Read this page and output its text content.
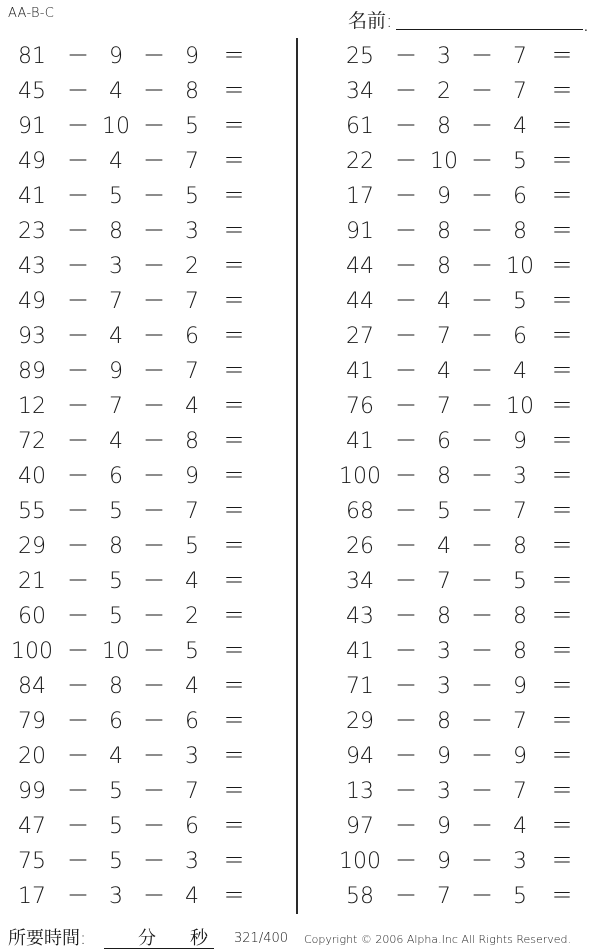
AA-B-C	名前:	.
81 － 9 － 9	＝
45 － 4 － 8	＝
91 － 10 － 5	＝
49 － 4 － 7	＝
41 － 5 － 5	＝
23 － 8 － 3	＝
43 － 3 － 2	＝
49 － 7 － 7	＝
93 － 4 － 6	＝
89 － 9 － 7	＝
12 － 7 － 4	＝
72 － 4 － 8	＝
40 － 6 － 9	＝
55 － 5 － 7	＝
29 － 8 － 5	＝
21 － 5 － 4	＝
60 － 5 － 2	＝
100 － 10 － 5	＝
84 － 8 － 4	＝
79 － 6 － 6	＝
20 － 4 － 3	＝
99 － 5 － 7	＝
47 － 5 － 6	＝
75 － 5 － 3	＝
17 － 3 － 4	＝
25 － 3 － 7	＝
34 － 2 － 7	＝
61 － 8 － 4	＝
22 － 10 － 5	＝
17 － 9 － 6	＝
91 － 8 － 8	＝
44 － 8 － 10 ＝
44 － 4 － 5	＝
27 － 7 － 6	＝
41 － 4 － 4	＝
76 － 7 － 10 ＝
41 － 6 － 9	＝
100 － 8 － 3	＝
68 － 5 － 7	＝
26 － 4 － 8	＝
34 － 7 － 5	＝
43 － 8 － 8	＝
41 － 3 － 8	＝
71 － 3 － 9	＝
29 － 8 － 7	＝
94 － 9 － 9	＝
13 － 3 － 7	＝
97 － 9 － 4	＝
100 － 9 － 3	＝
58 － 7 － 5	＝
所要時間:	分 秒 321/400 Copyright © 2006 Alpha.Inc All Rights Reserved.
